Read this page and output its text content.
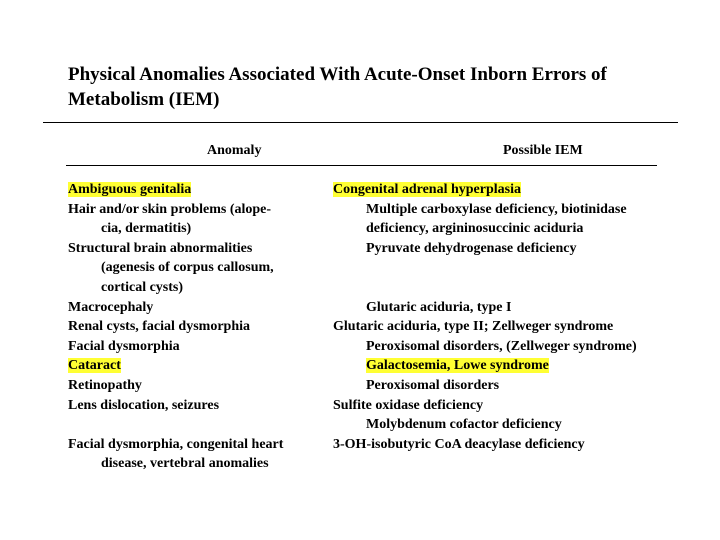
Physical Anomalies Associated With Acute-Onset Inborn Errors of
Metabolism (IEM)
Anomaly	Possible IEM
Ambiguous genitalia
Hair and/or skin problems (alope-
cia, dermatitis)
Structural brain abnormalities
(agenesis of corpus callosum,
cortical cysts)
Macrocephaly
Renal cysts, facial dysmorphia
Facial dysmorphia
Cataract
Retinopathy
Lens dislocation, seizures
Facial dysmorphia, congenital heart
disease, vertebral anomalies
Congenital adrenal hyperplasia
Multiple carboxylase deficiency, biotinidase
deficiency, argininosuccinic aciduria
Pyruvate dehydrogenase deficiency
Glutaric aciduria, type I
Glutaric aciduria, type II; Zellweger syndrome
Peroxisomal disorders, (Zellweger syndrome)
Galactosemia, Lowe syndrome
Peroxisomal disorders
Sulfite oxidase deficiency
Molybdenum cofactor deficiency
3-OH-isobutyric CoA deacylase deficiency
